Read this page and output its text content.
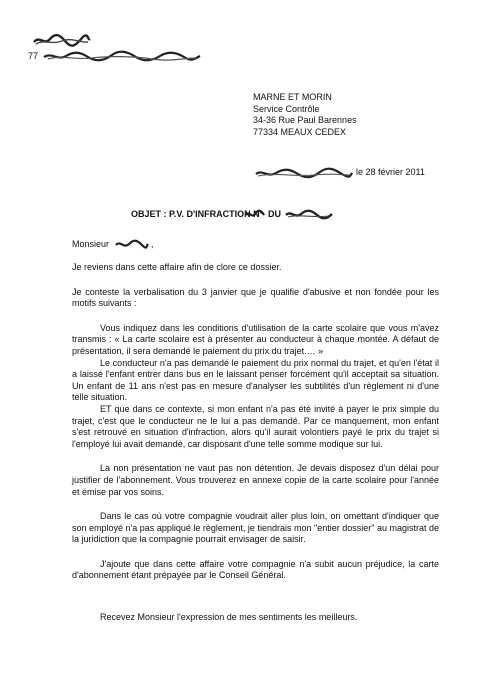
77
MARNE ET MORIN
Service Contrôle
34-36 Rue Paul Barennes
77334 MEAUX CEDEX
le 28 février 2011
OBJET : P.V. D'INFRACTION N° DU
Monsieur	,

Je reviens dans cette affaire afin de clore ce dossier.

Je conteste la verbalisation du 3 janvier que je qualifie d'abusive et non fondée pour les motifs suivants :

Vous indiquez dans les conditions d'utilisation de la carte scolaire que vous m'avez transmis : « La carte scolaire est à présenter au conducteur à chaque montée. A défaut de présentation, il sera demandé le paiement du prix du trajet.… »

Le conducteur n'a pas demandé le paiement du prix normal du trajet, et qu'en l'état il a laissé l'enfant entrer dans bus en le laissant penser forcément qu'il acceptait sa situation. Un enfant de 11 ans n'est pas en mesure d'analyser les subtilités d'un règlement ni d'une telle situation.

ET que dans ce contexte, si mon enfant n'a pas été invité à payer le prix simple du trajet, c'est que le conducteur ne le lui a pas demandé. Par ce manquement, mon enfant s'est retrouvé en situation d'infraction, alors qu'il aurait volontiers payé le prix du trajet si l'employé lui avait demandé, car disposant d'une telle somme modique sur lui.

La non présentation ne vaut pas non détention. Je devais disposez d'un délai pour justifier de l'abonnement. Vous trouverez en annexe copie de la carte scolaire pour l'année et émise par vos soins.

Dans le cas où votre compagnie voudrait aller plus loin, on omettant d'indiquer que son employé n'a pas appliqué le règlement, je tiendrais mon "entier dossier" au magistrat de la juridiction que la compagnie pourrait envisager de saisir.

J'ajoute que dans cette affaire votre compagnie n'a subit aucun préjudice, la carte d'abonnement étant prépayée par le Conseil Général.

Recevez Monsieur l'expression de mes sentiments les meilleurs.
